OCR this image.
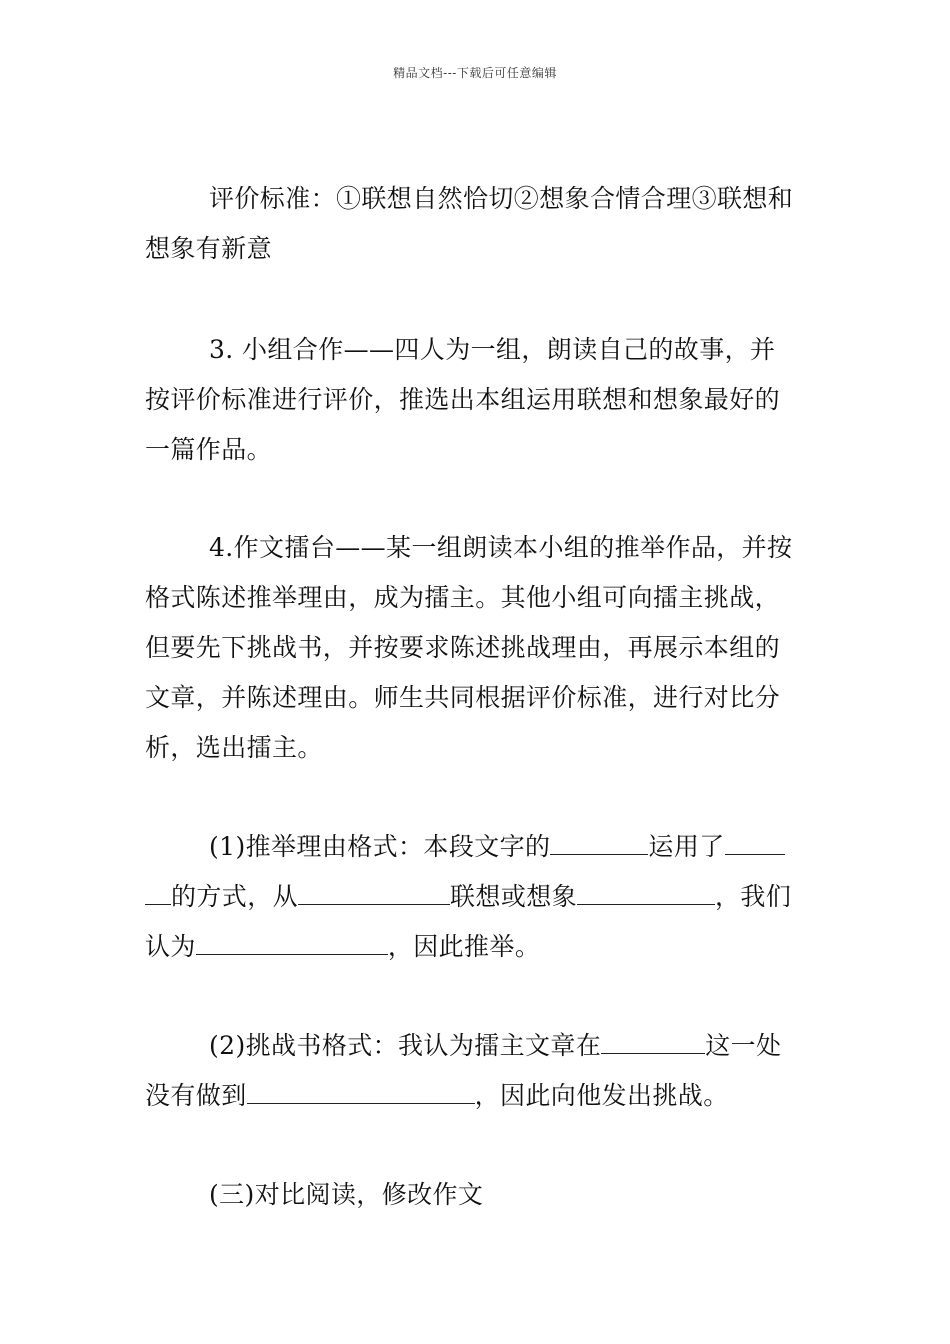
精品文档---下载后可任意编辑
评价标准：①联想自然恰切②想象合情合理③联想和
想象有新意
3. 小组合作——四人为一组，朗读自己的故事，并
按评价标准进行评价，推选出本组运用联想和想象最好的
一篇作品。
4.作文擂台——某一组朗读本小组的推举作品，并按
格式陈述推举理由，成为擂主。其他小组可向擂主挑战，
但要先下挑战书，并按要求陈述挑战理由，再展示本组的
文章，并陈述理由。师生共同根据评价标准，进行对比分
析，选出擂主。
(1)推举理由格式：本段文字的	运用了
的方式，从	联想或想象	，我们
认为	，因此推举。
(2)挑战书格式：我认为擂主文章在	这一处
没有做到	，因此向他发出挑战。
(三)对比阅读，修改作文
